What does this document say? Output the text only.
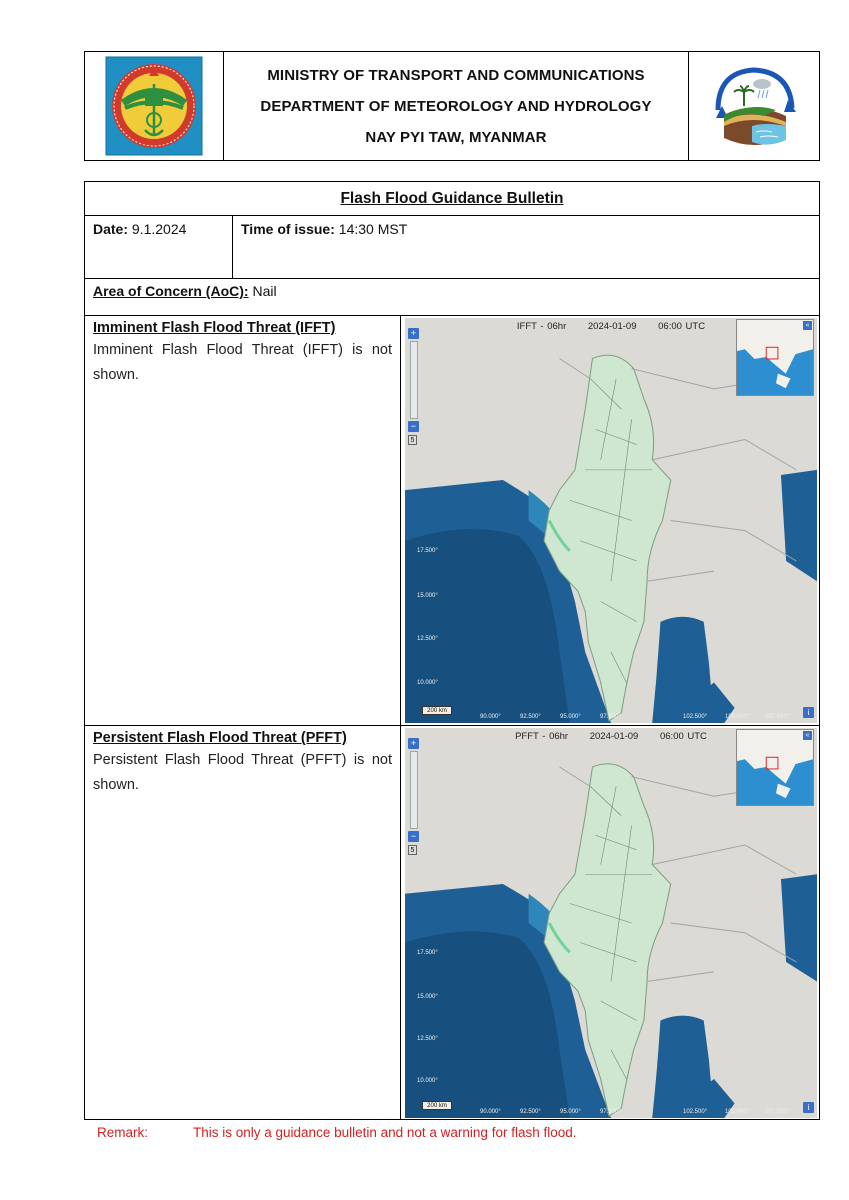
MINISTRY OF TRANSPORT AND COMMUNICATIONS
DEPARTMENT OF METEOROLOGY AND HYDROLOGY
NAY PYI TAW, MYANMAR
Flash Flood Guidance Bulletin
Date: 9.1.2024	Time of issue: 14:30 MST
Area of Concern (AoC): Nail
Imminent Flash Flood Threat (IFFT)
Imminent Flash Flood Threat (IFFT) is not shown.
IFFT - 06hr 2024-01-09 06:00 UTC
+
−
5
«
17.500°
15.000°
12.500°
10.000°
90.000°	92.500°	95.000°	97.500°	102.500°	105.000°	107.500°
200 km	i
Persistent Flash Flood Threat (PFFT)
Persistent Flash Flood Threat (PFFT) is not shown.
PFFT - 06hr 2024-01-09 06:00 UTC
+
−
5
«
17.500°
15.000°
12.500°
10.000°
90.000°	92.500°	95.000°	97.500°	102.500°	105.000°	107.500°
200 km	i
Remark:	This is only a guidance bulletin and not a warning for flash flood.
